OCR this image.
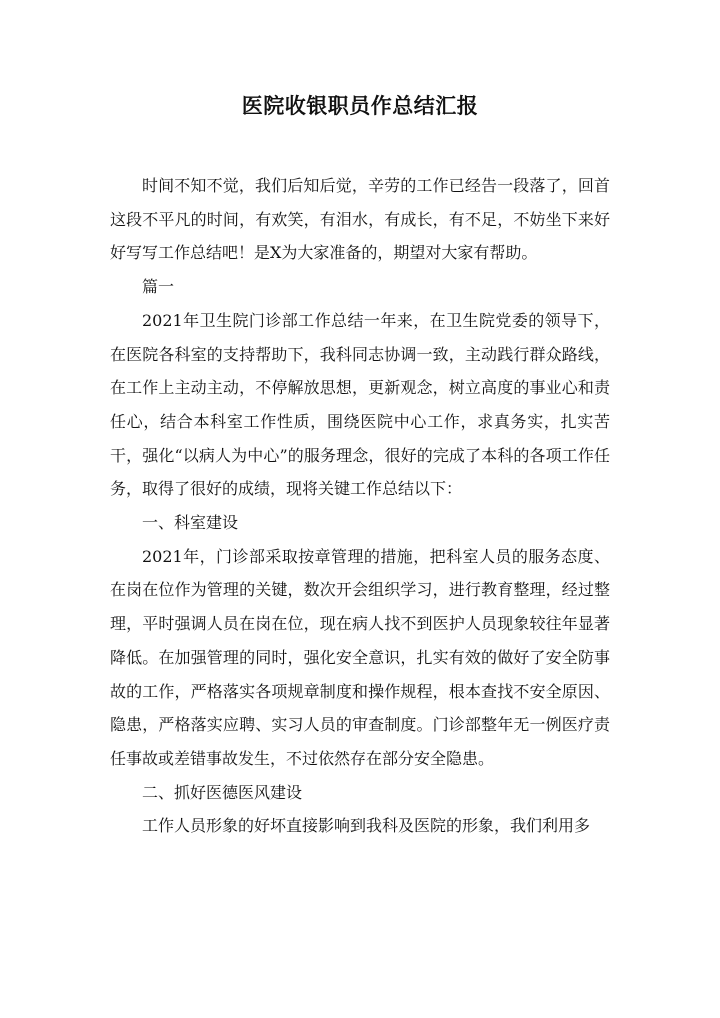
医院收银职员作总结汇报

时间不知不觉，我们后知后觉，辛劳的工作已经告一段落了，回首这段不平凡的时间，有欢笑，有泪水，有成长，有不足，不妨坐下来好好写写工作总结吧！是X为大家准备的，期望对大家有帮助。

篇一

2021年卫生院门诊部工作总结一年来，在卫生院党委的领导下，在医院各科室的支持帮助下，我科同志协调一致，主动践行群众路线，在工作上主动主动，不停解放思想，更新观念，树立高度的事业心和责任心，结合本科室工作性质，围绕医院中心工作，求真务实，扎实苦干，强化“以病人为中心”的服务理念，很好的完成了本科的各项工作任务，取得了很好的成绩，现将关键工作总结以下：

一、科室建设

2021年，门诊部采取按章管理的措施，把科室人员的服务态度、在岗在位作为管理的关键，数次开会组织学习，进行教育整理，经过整理，平时强调人员在岗在位，现在病人找不到医护人员现象较往年显著降低。在加强管理的同时，强化安全意识，扎实有效的做好了安全防事故的工作，严格落实各项规章制度和操作规程，根本查找不安全原因、隐患，严格落实应聘、实习人员的审查制度。门诊部整年无一例医疗责任事故或差错事故发生，不过依然存在部分安全隐患。

二、抓好医德医风建设

工作人员形象的好坏直接影响到我科及医院的形象，我们利用多
